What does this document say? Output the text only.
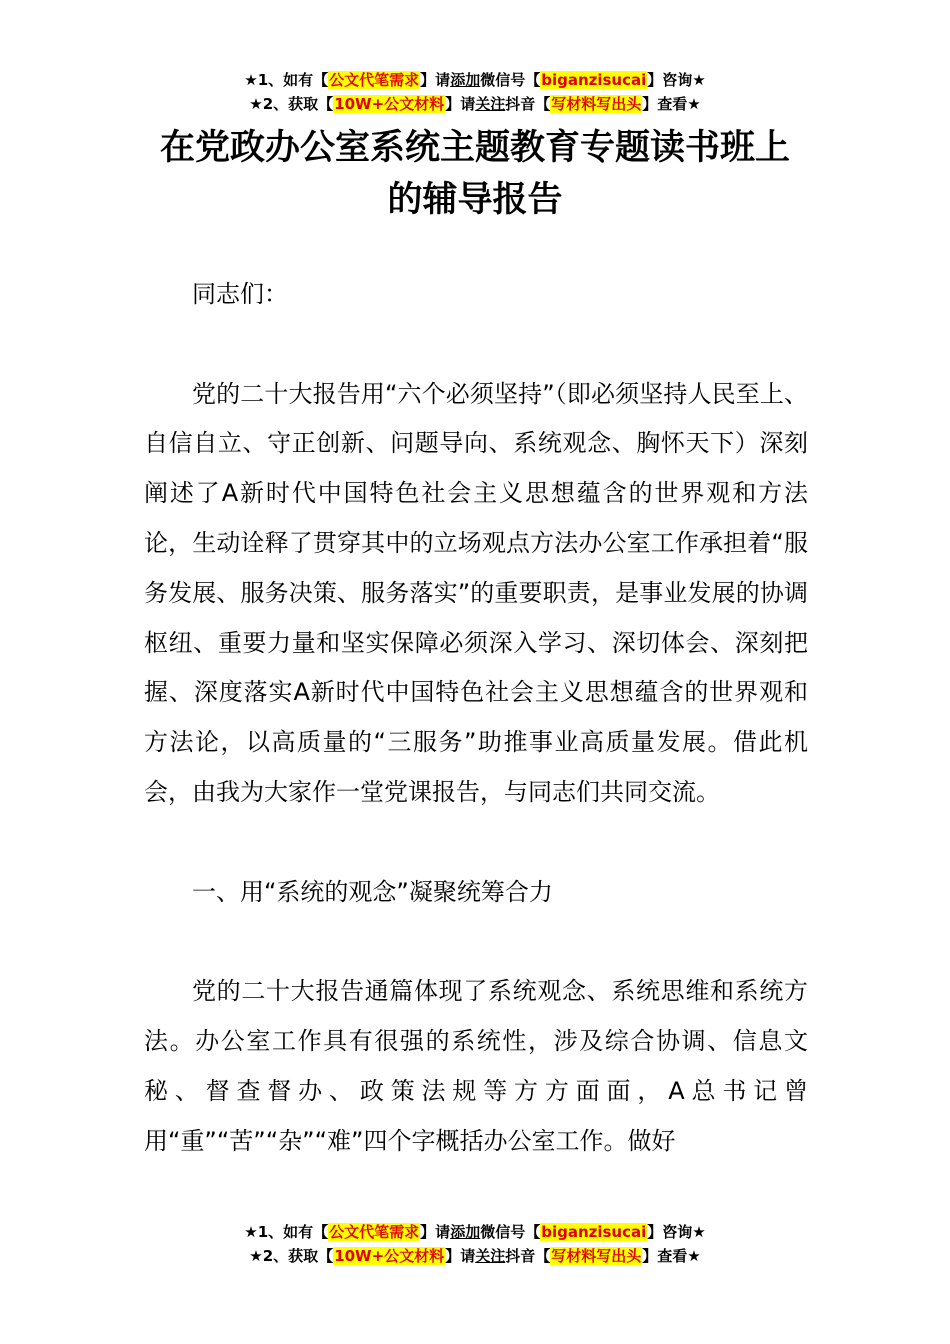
★1、如有【公文代笔需求】请添加微信号【biganzisucai】咨询★
★2、获取【10W+公文材料】请关注抖音【写材料写出头】查看★
在党政办公室系统主题教育专题读书班上
的辅导报告

同志们：

党的二十大报告用“六个必须坚持”（即必须坚持人民至上、自信自立、守正创新、问题导向、系统观念、胸怀天下）深刻阐述了A新时代中国特色社会主义思想蕴含的世界观和方法论，生动诠释了贯穿其中的立场观点方法办公室工作承担着“服务发展、服务决策、服务落实”的重要职责，是事业发展的协调枢纽、重要力量和坚实保障必须深入学习、深切体会、深刻把握、深度落实A新时代中国特色社会主义思想蕴含的世界观和方法论，以高质量的“三服务”助推事业高质量发展。借此机会，由我为大家作一堂党课报告，与同志们共同交流。

一、用“系统的观念”凝聚统筹合力

党的二十大报告通篇体现了系统观念、系统思维和系统方法。办公室工作具有很强的系统性，涉及综合协调、信息文秘、督查督办、政策法规等方方面面，A总书记曾用“重”“苦”“杂”“难”四个字概括办公室工作。做好

★1、如有【公文代笔需求】请添加微信号【biganzisucai】咨询★
★2、获取【10W+公文材料】请关注抖音【写材料写出头】查看★
